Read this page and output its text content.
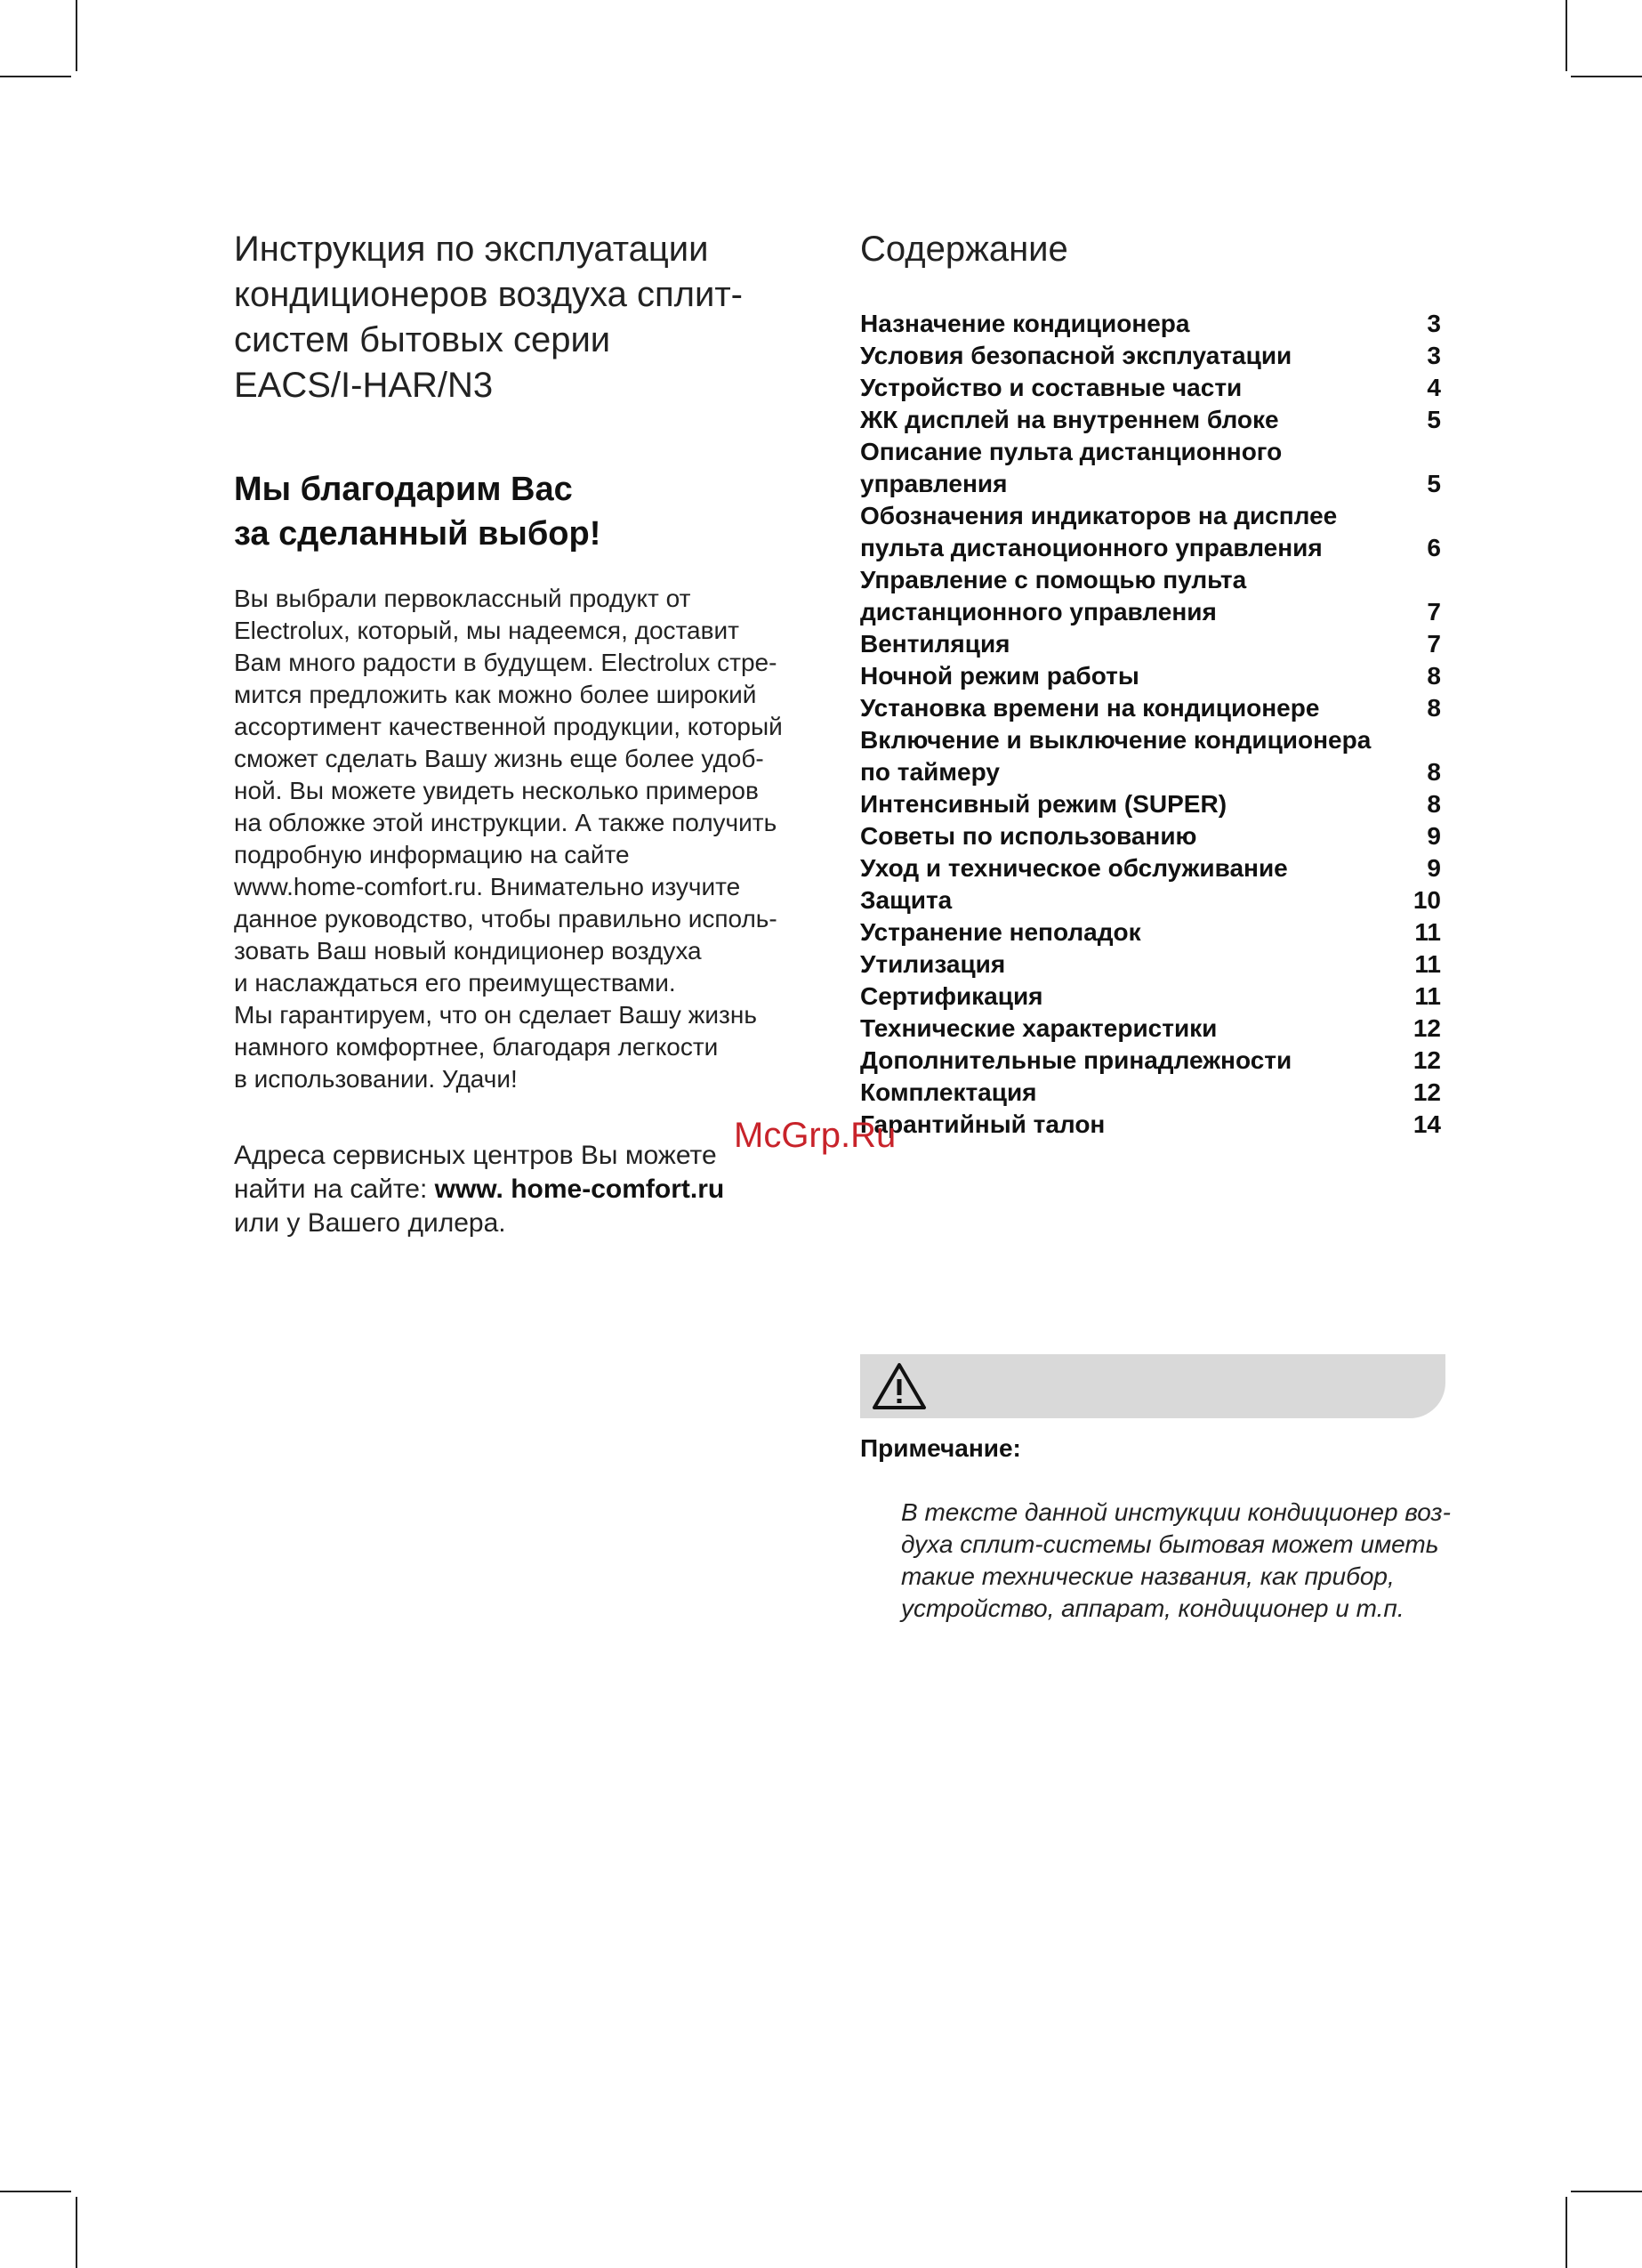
Инструкция по эксплуатации
кондиционеров воздуха сплит-
систем бытовых серии
EACS/I-HAR/N3
Мы благодарим Вас
за сделанный выбор!
Вы выбрали первоклассный продукт от
Electrolux, который, мы надеемся, доставит
Вам много радости в будущем. Electrolux стре-
мится предложить как можно более широкий
ассортимент качественной продукции, который
сможет сделать Вашу жизнь еще более удоб-
ной. Вы можете увидеть несколько примеров
на обложке этой инструкции. А также получить
подробную информацию на сайте
www.home-comfort.ru. Внимательно изучите
данное руководство, чтобы правильно исполь-
зовать Ваш новый кондиционер воздуха
и наслаждаться его преимуществами.
Мы гарантируем, что он сделает Вашу жизнь
намного комфортнее, благодаря легкости
в использовании. Удачи!
Адреса сервисных центров Вы можете
найти на сайте: www. home-comfort.ru
или у Вашего дилера.
Содержание
Назначение кондиционера	3
Условия безопасной эксплуатации	3
Устройство и составные части	4
ЖК дисплей на внутреннем блоке	5
Описание пульта дистанционного
управления	5
Обозначения индикаторов на дисплее
пульта дистаноционного управления	6
Управление с помощью пульта
дистанционного управления	7
Вентиляция	7
Ночной режим работы	8
Установка времени на кондиционере	8
Включение и выключение кондиционера
по таймеру	8
Интенсивный режим (SUPER)	8
Советы по использованию	9
Уход и техническое обслуживание	9
Защита	10
Устранение неполадок	11
Утилизация	11
Сертификация	11
Технические характеристики	12
Дополнительные принадлежности	12
Комплектация	12
Гарантийный талон	14
McGrp.Ru
Примечание:
В тексте данной инстукции кондиционер воз-
духа сплит-системы бытовая может иметь
такие технические названия, как прибор,
устройство, аппарат, кондиционер и т.п.
